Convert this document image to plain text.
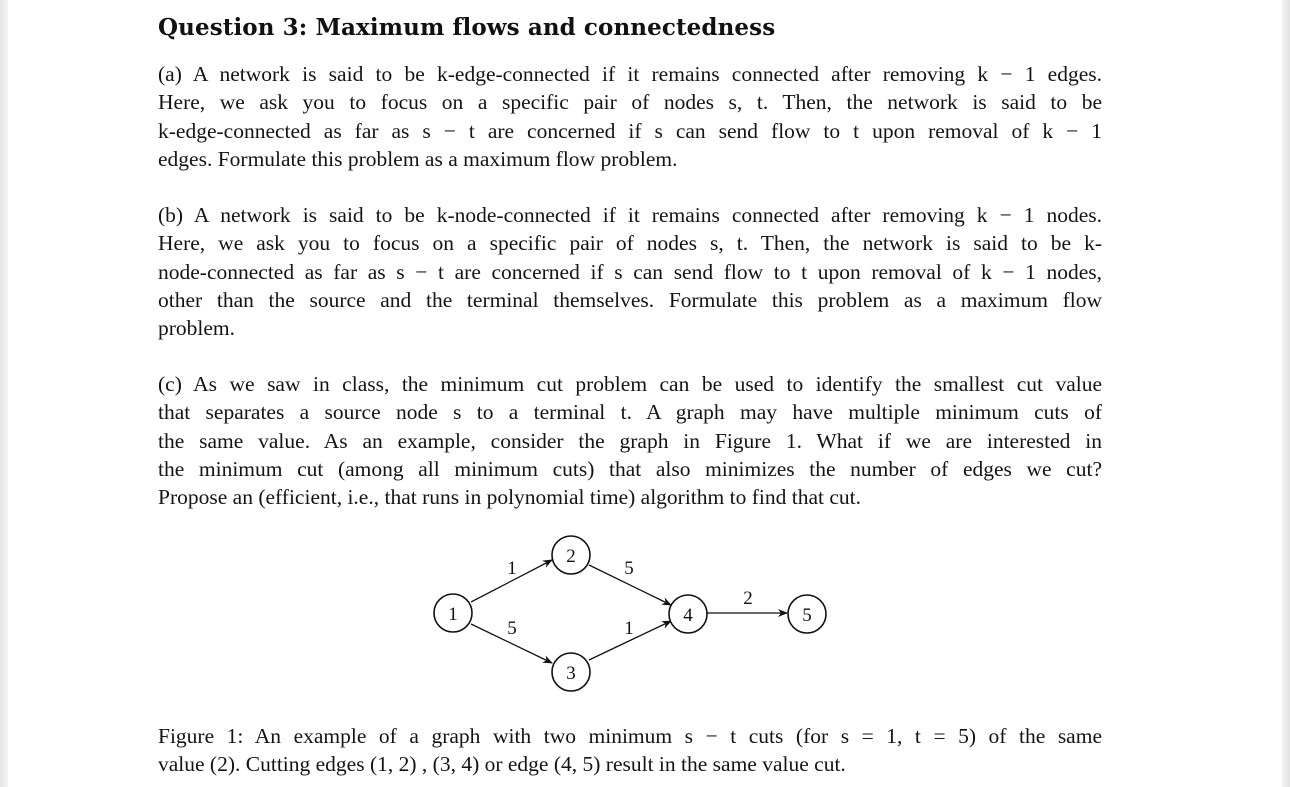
Question 3: Maximum flows and connectedness
(a) A network is said to be k-edge-connected if it remains connected after removing k − 1 edges.
Here, we ask you to focus on a specific pair of nodes s, t. Then, the network is said to be
k-edge-connected as far as s − t are concerned if s can send flow to t upon removal of k − 1
edges. Formulate this problem as a maximum flow problem.
(b) A network is said to be k-node-connected if it remains connected after removing k − 1 nodes.
Here, we ask you to focus on a specific pair of nodes s, t. Then, the network is said to be k-
node-connected as far as s − t are concerned if s can send flow to t upon removal of k − 1 nodes,
other than the source and the terminal themselves. Formulate this problem as a maximum flow
problem.
(c) As we saw in class, the minimum cut problem can be used to identify the smallest cut value
that separates a source node s to a terminal t. A graph may have multiple minimum cuts of
the same value. As an example, consider the graph in Figure 1. What if we are interested in
the minimum cut (among all minimum cuts) that also minimizes the number of edges we cut?
Propose an (efficient, i.e., that runs in polynomial time) algorithm to find that cut.
1
5
5
1
2
1
2
3
4	5
Figure 1: An example of a graph with two minimum s − t cuts (for s = 1, t = 5) of the same
value (2). Cutting edges (1, 2) , (3, 4) or edge (4, 5) result in the same value cut.
